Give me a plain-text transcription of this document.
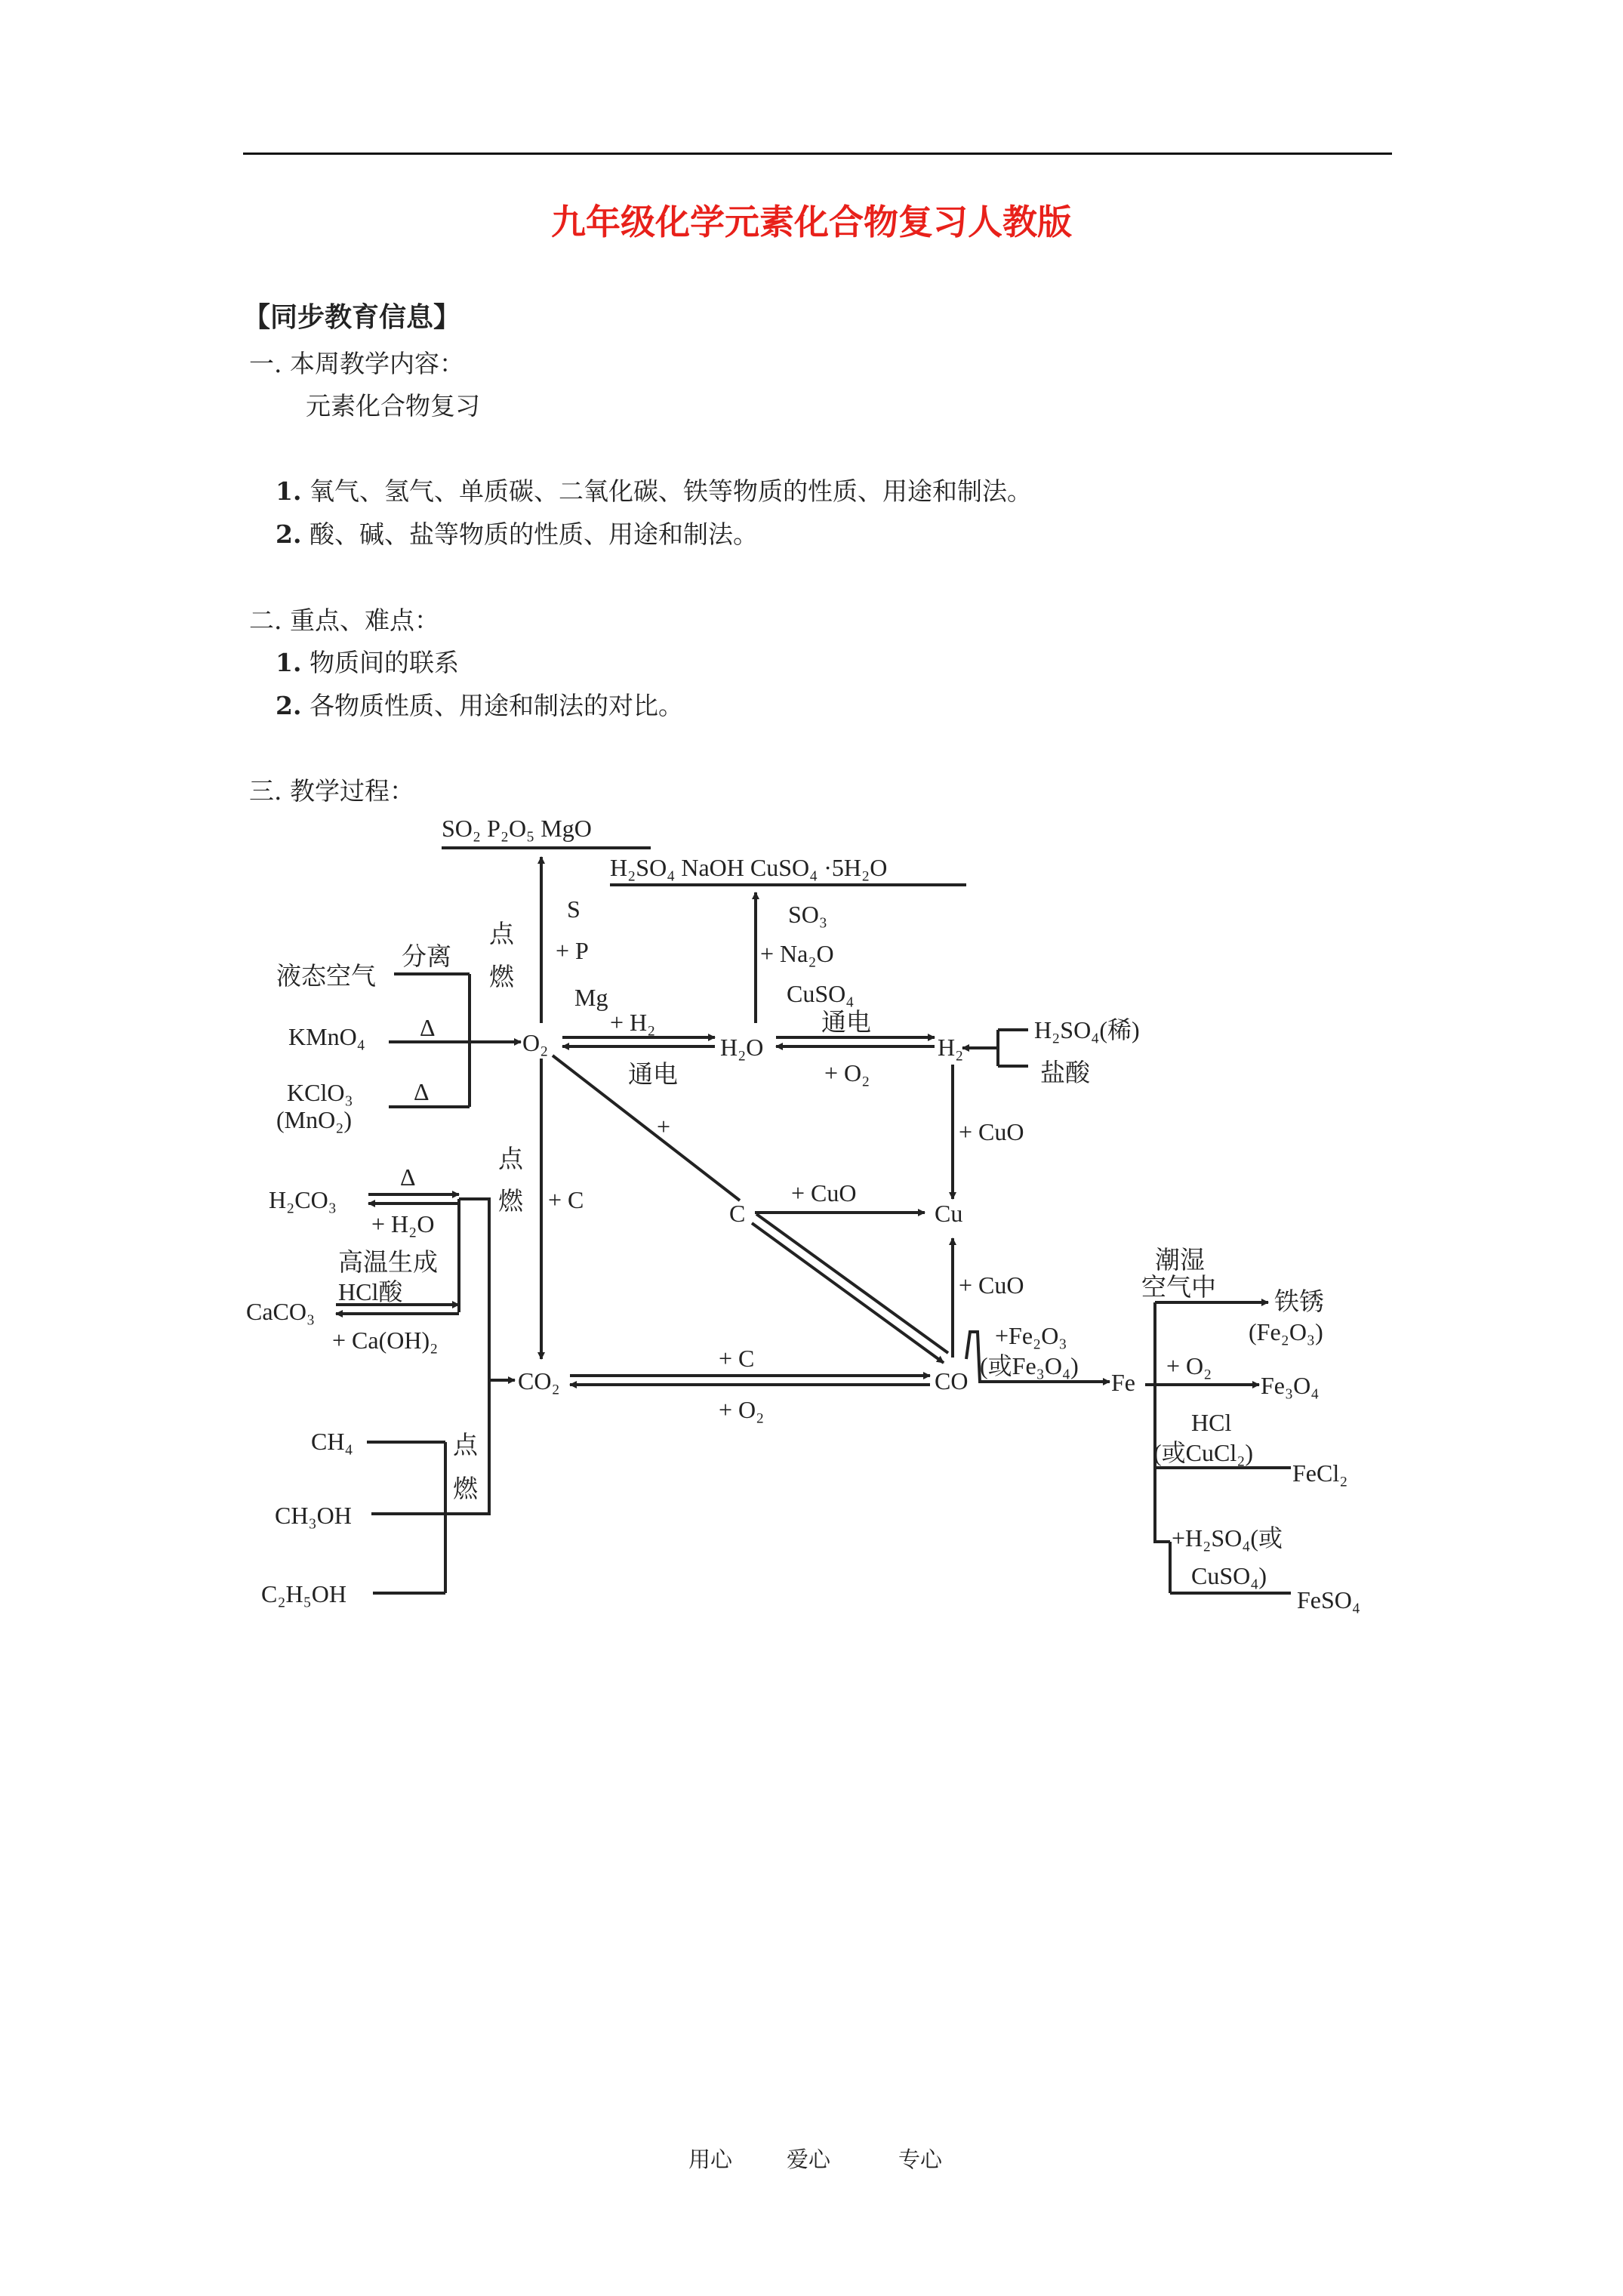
九年级化学元素化合物复习人教版
【同步教育信息】
一. 本周教学内容：
元素化合物复习
1. 氧气、氢气、单质碳、二氧化碳、铁等物质的性质、用途和制法。
2. 酸、碱、盐等物质的性质、用途和制法。
二. 重点、难点：
1. 物质间的联系
2. 各物质性质、用途和制法的对比。
三. 教学过程：
SO₂ P₂O₅ MgO
H₂SO₄ NaOH CuSO₄ ·5H₂O
S
+ P
Mg
点
燃
SO₃
+ Na₂O
CuSO₄
液态空气
分离
KMnO₄ Δ
KClO₃
(MnO₂)
Δ
O₂
+ H₂
通电
H₂O
通电
+ O₂
H₂
H₂SO₄(稀)
盐酸
+ CuO
+
C
+ CuO
Cu
+ CuO
点
燃 + C
H₂CO₃
Δ
+ H₂O
高温生成
HCl酸
CaCO₃
+ Ca(OH)₂
CO₂
+ C
+ O₂
CO
+Fe₂O₃
(或Fe₃O₄)
Fe
潮湿
空气中 铁锈
(Fe₂O₃)
+ O₂
Fe₃O₄
HCl
(或CuCl₂)
FeCl₂
+H₂SO₄(或
CuSO₄)
FeSO₄
CH₄
CH₃OH
C₂H₅OH
点
燃
用心 爱心	专心
